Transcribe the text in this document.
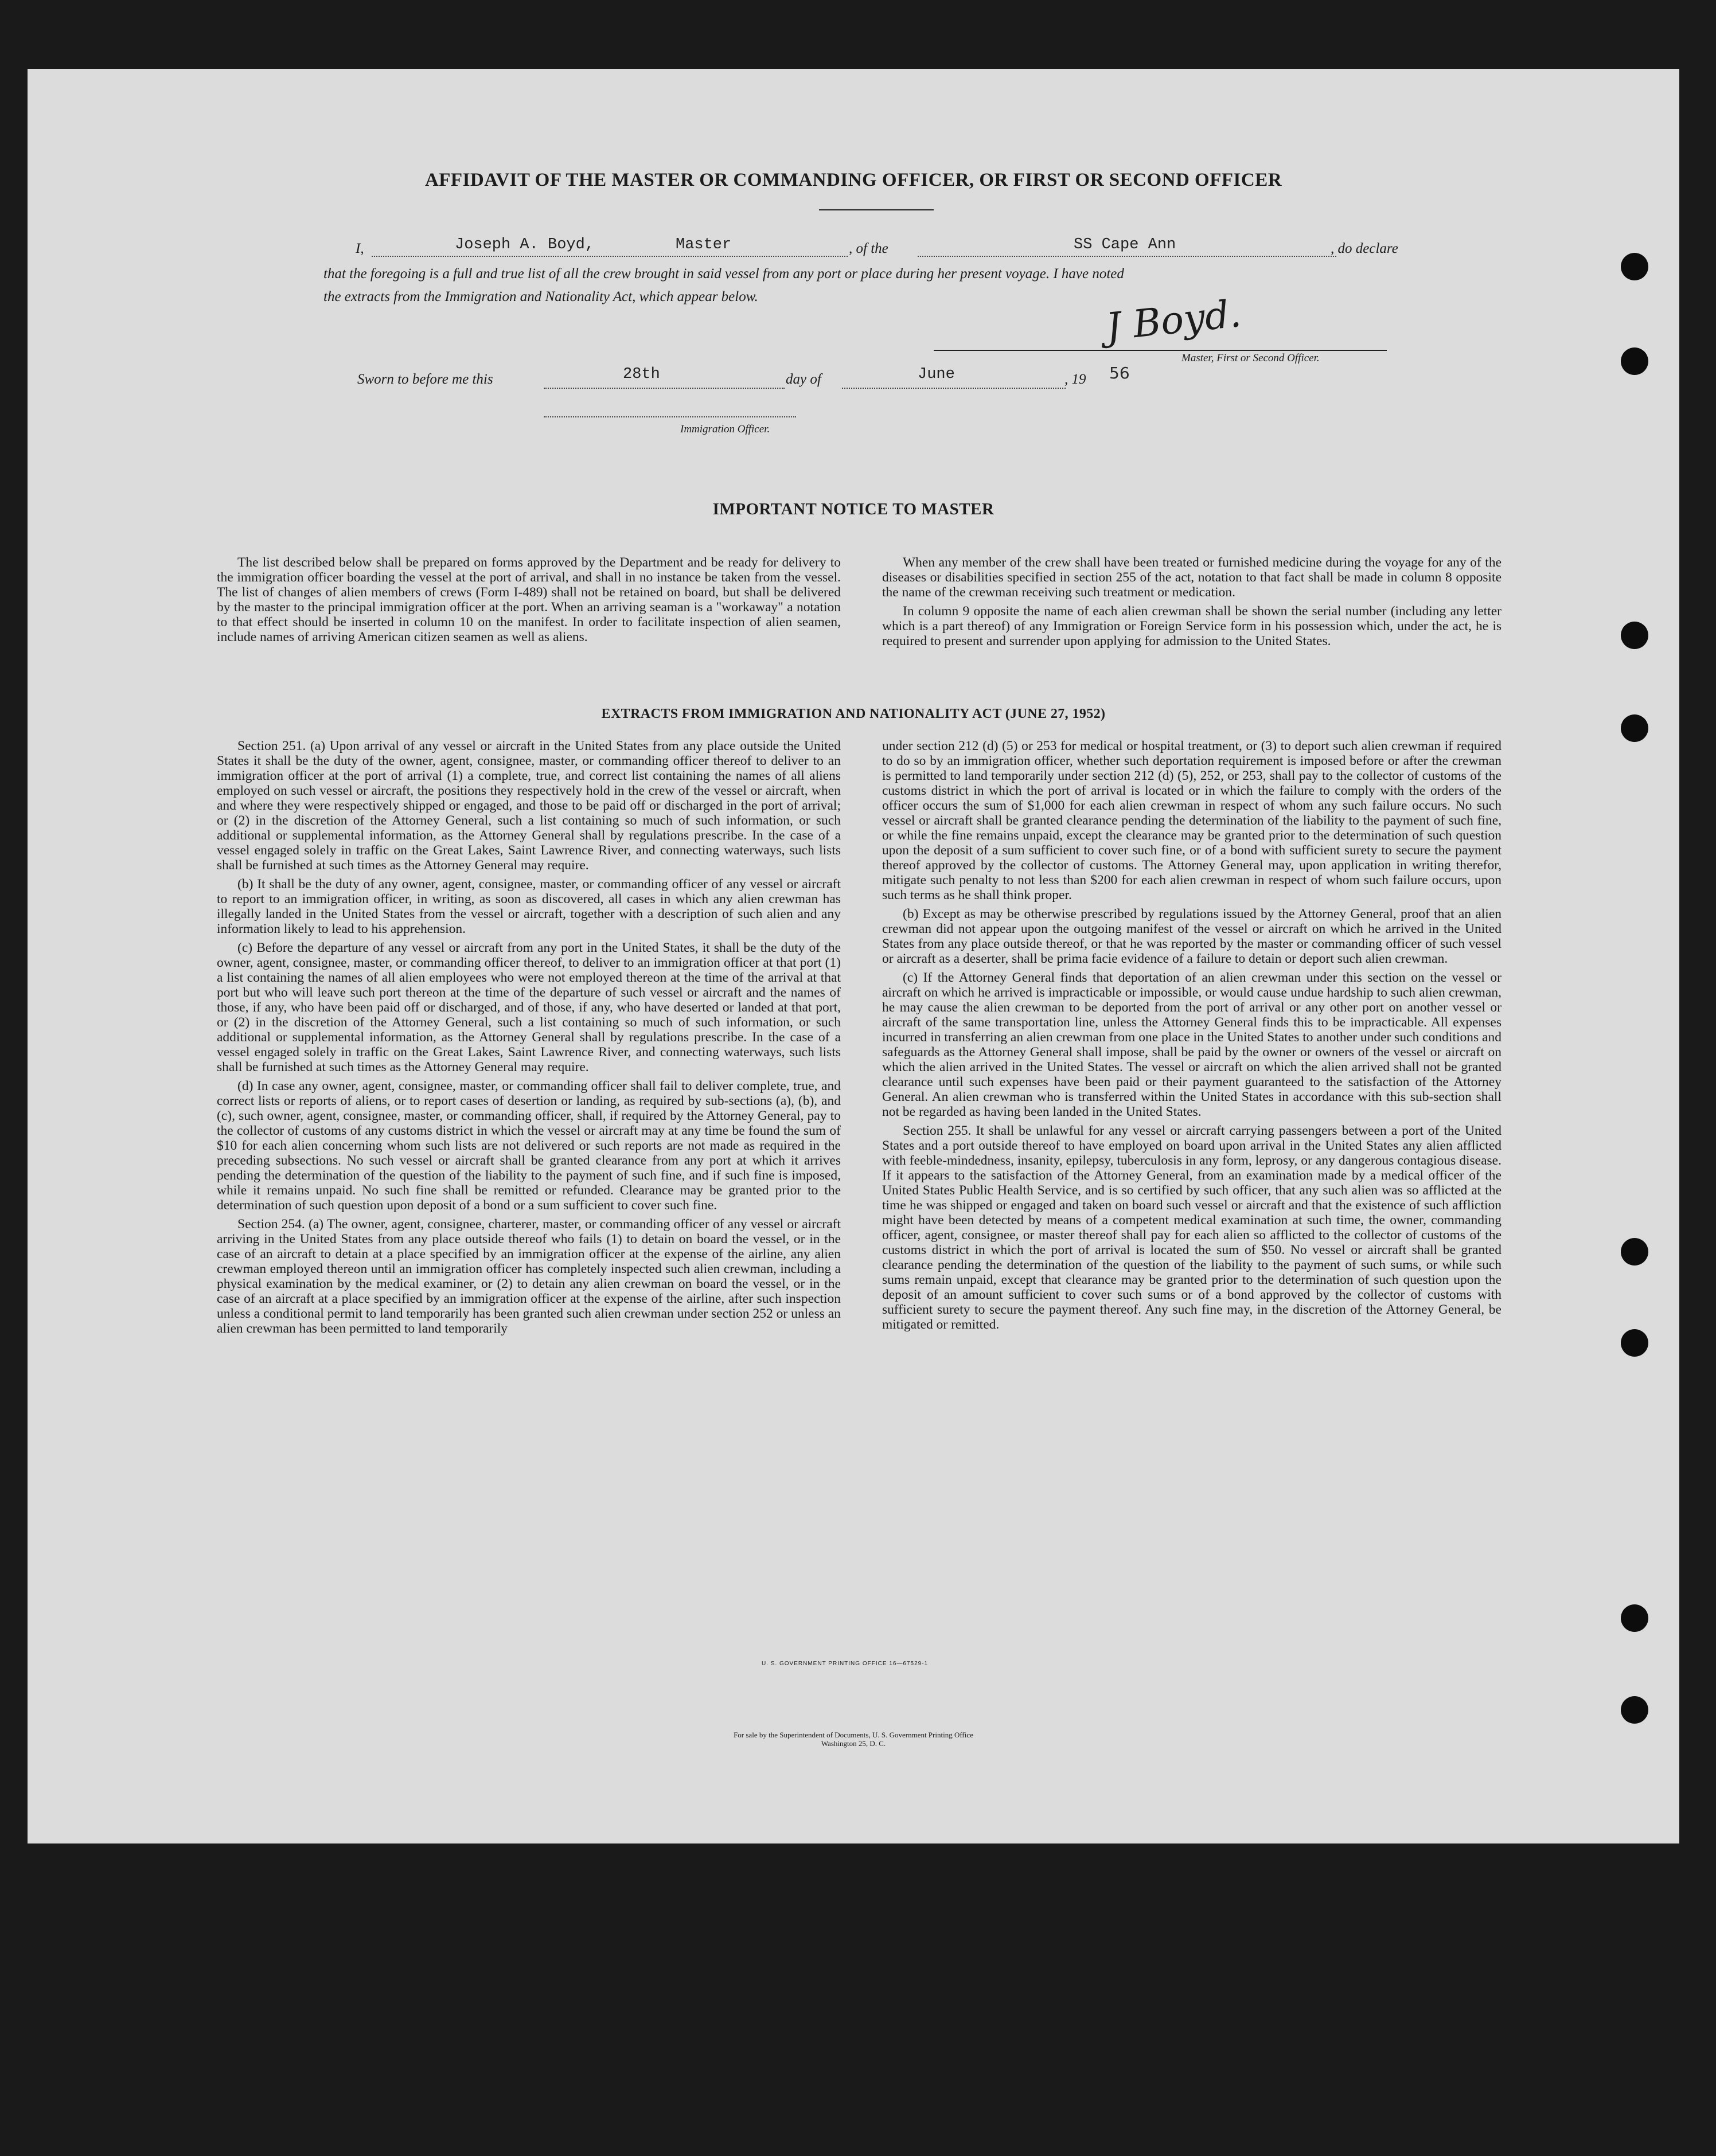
AFFIDAVIT OF THE MASTER OR COMMANDING OFFICER, OR FIRST OR SECOND OFFICER
I,	Joseph A. Boyd,	Master	, of the	SS Cape Ann	, do declare
that the foregoing is a full and true list of all the crew brought in said vessel from any port or place during her present voyage. I have noted
the extracts from the Immigration and Nationality Act, which appear below.	J Boyd.
Master, First or Second Officer.
Sworn to before me this	28th	day of	June	, 19 56
Immigration Officer.
IMPORTANT NOTICE TO MASTER

The list described below shall be prepared on forms approved by the Department and be ready for delivery to the immigration officer boarding the vessel at the port of arrival, and shall in no instance be taken from the vessel. The list of changes of alien members of crews (Form I-489) shall not be retained on board, but shall be delivered by the master to the principal immigration officer at the port. When an arriving seaman is a "workaway" a notation to that effect should be inserted in column 10 on the manifest. In order to facilitate inspection of alien seamen, include names of arriving American citizen seamen as well as aliens.

When any member of the crew shall have been treated or furnished medicine during the voyage for any of the diseases or disabilities specified in section 255 of the act, notation to that fact shall be made in column 8 opposite the name of the crewman receiving such treatment or medication.

In column 9 opposite the name of each alien crewman shall be shown the serial number (including any letter which is a part thereof) of any Immigration or Foreign Service form in his possession which, under the act, he is required to present and surrender upon applying for admission to the United States.

EXTRACTS FROM IMMIGRATION AND NATIONALITY ACT (JUNE 27, 1952)

Section 251. (a) Upon arrival of any vessel or aircraft in the United States from any place outside the United States it shall be the duty of the owner, agent, consignee, master, or commanding officer thereof to deliver to an immigration officer at the port of arrival (1) a complete, true, and correct list containing the names of all aliens employed on such vessel or aircraft, the positions they respectively hold in the crew of the vessel or aircraft, when and where they were respectively shipped or engaged, and those to be paid off or discharged in the port of arrival; or (2) in the discretion of the Attorney General, such a list containing so much of such information, or such additional or supplemental information, as the Attorney General shall by regulations prescribe. In the case of a vessel engaged solely in traffic on the Great Lakes, Saint Lawrence River, and connecting waterways, such lists shall be furnished at such times as the Attorney General may require.

(b) It shall be the duty of any owner, agent, consignee, master, or commanding officer of any vessel or aircraft to report to an immigration officer, in writing, as soon as discovered, all cases in which any alien crewman has illegally landed in the United States from the vessel or aircraft, together with a description of such alien and any information likely to lead to his apprehension.

(c) Before the departure of any vessel or aircraft from any port in the United States, it shall be the duty of the owner, agent, consignee, master, or commanding officer thereof, to deliver to an immigration officer at that port (1) a list containing the names of all alien employees who were not employed thereon at the time of the arrival at that port but who will leave such port thereon at the time of the departure of such vessel or aircraft and the names of those, if any, who have been paid off or discharged, and of those, if any, who have deserted or landed at that port, or (2) in the discretion of the Attorney General, such a list containing so much of such information, or such additional or supplemental information, as the Attorney General shall by regulations prescribe. In the case of a vessel engaged solely in traffic on the Great Lakes, Saint Lawrence River, and connecting waterways, such lists shall be furnished at such times as the Attorney General may require.

(d) In case any owner, agent, consignee, master, or commanding officer shall fail to deliver complete, true, and correct lists or reports of aliens, or to report cases of desertion or landing, as required by sub-sections (a), (b), and (c), such owner, agent, consignee, master, or commanding officer, shall, if required by the Attorney General, pay to the collector of customs of any customs district in which the vessel or aircraft may at any time be found the sum of $10 for each alien concerning whom such lists are not delivered or such reports are not made as required in the preceding subsections. No such vessel or aircraft shall be granted clearance from any port at which it arrives pending the determination of the question of the liability to the payment of such fine, and if such fine is imposed, while it remains unpaid. No such fine shall be remitted or refunded. Clearance may be granted prior to the determination of such question upon deposit of a bond or a sum sufficient to cover such fine.

Section 254. (a) The owner, agent, consignee, charterer, master, or commanding officer of any vessel or aircraft arriving in the United States from any place outside thereof who fails (1) to detain on board the vessel, or in the case of an aircraft to detain at a place specified by an immigration officer at the expense of the airline, any alien crewman employed thereon until an immigration officer has completely inspected such alien crewman, including a physical examination by the medical examiner, or (2) to detain any alien crewman on board the vessel, or in the case of an aircraft at a place specified by an immigration officer at the expense of the airline, after such inspection unless a conditional permit to land temporarily has been granted such alien crewman under section 252 or unless an alien crewman has been permitted to land temporarily

under section 212 (d) (5) or 253 for medical or hospital treatment, or (3) to deport such alien crewman if required to do so by an immigration officer, whether such deportation requirement is imposed before or after the crewman is permitted to land temporarily under section 212 (d) (5), 252, or 253, shall pay to the collector of customs of the customs district in which the port of arrival is located or in which the failure to comply with the orders of the officer occurs the sum of $1,000 for each alien crewman in respect of whom any such failure occurs. No such vessel or aircraft shall be granted clearance pending the determination of the liability to the payment of such fine, or while the fine remains unpaid, except the clearance may be granted prior to the determination of such question upon the deposit of a sum sufficient to cover such fine, or of a bond with sufficient surety to secure the payment thereof approved by the collector of customs. The Attorney General may, upon application in writing therefor, mitigate such penalty to not less than $200 for each alien crewman in respect of whom such failure occurs, upon such terms as he shall think proper.

(b) Except as may be otherwise prescribed by regulations issued by the Attorney General, proof that an alien crewman did not appear upon the outgoing manifest of the vessel or aircraft on which he arrived in the United States from any place outside thereof, or that he was reported by the master or commanding officer of such vessel or aircraft as a deserter, shall be prima facie evidence of a failure to detain or deport such alien crewman.

(c) If the Attorney General finds that deportation of an alien crewman under this section on the vessel or aircraft on which he arrived is impracticable or impossible, or would cause undue hardship to such alien crewman, he may cause the alien crewman to be deported from the port of arrival or any other port on another vessel or aircraft of the same transportation line, unless the Attorney General finds this to be impracticable. All expenses incurred in transferring an alien crewman from one place in the United States to another under such conditions and safeguards as the Attorney General shall impose, shall be paid by the owner or owners of the vessel or aircraft on which the alien arrived in the United States. The vessel or aircraft on which the alien arrived shall not be granted clearance until such expenses have been paid or their payment guaranteed to the satisfaction of the Attorney General. An alien crewman who is transferred within the United States in accordance with this sub-section shall not be regarded as having been landed in the United States.

Section 255. It shall be unlawful for any vessel or aircraft carrying passengers between a port of the United States and a port outside thereof to have employed on board upon arrival in the United States any alien afflicted with feeble-mindedness, insanity, epilepsy, tuberculosis in any form, leprosy, or any dangerous contagious disease. If it appears to the satisfaction of the Attorney General, from an examination made by a medical officer of the United States Public Health Service, and is so certified by such officer, that any such alien was so afflicted at the time he was shipped or engaged and taken on board such vessel or aircraft and that the existence of such affliction might have been detected by means of a competent medical examination at such time, the owner, commanding officer, agent, consignee, or master thereof shall pay for each alien so afflicted to the collector of customs of the customs district in which the port of arrival is located the sum of $50. No vessel or aircraft shall be granted clearance pending the determination of the question of the liability to the payment of such sums, or while such sums remain unpaid, except that clearance may be granted prior to the determination of such question upon the deposit of an amount sufficient to cover such sums or of a bond approved by the collector of customs with sufficient surety to secure the payment thereof. Any such fine may, in the discretion of the Attorney General, be mitigated or remitted.

U. S. GOVERNMENT PRINTING OFFICE 16—67529-1
For sale by the Superintendent of Documents, U. S. Government Printing Office
Washington 25, D. C.
